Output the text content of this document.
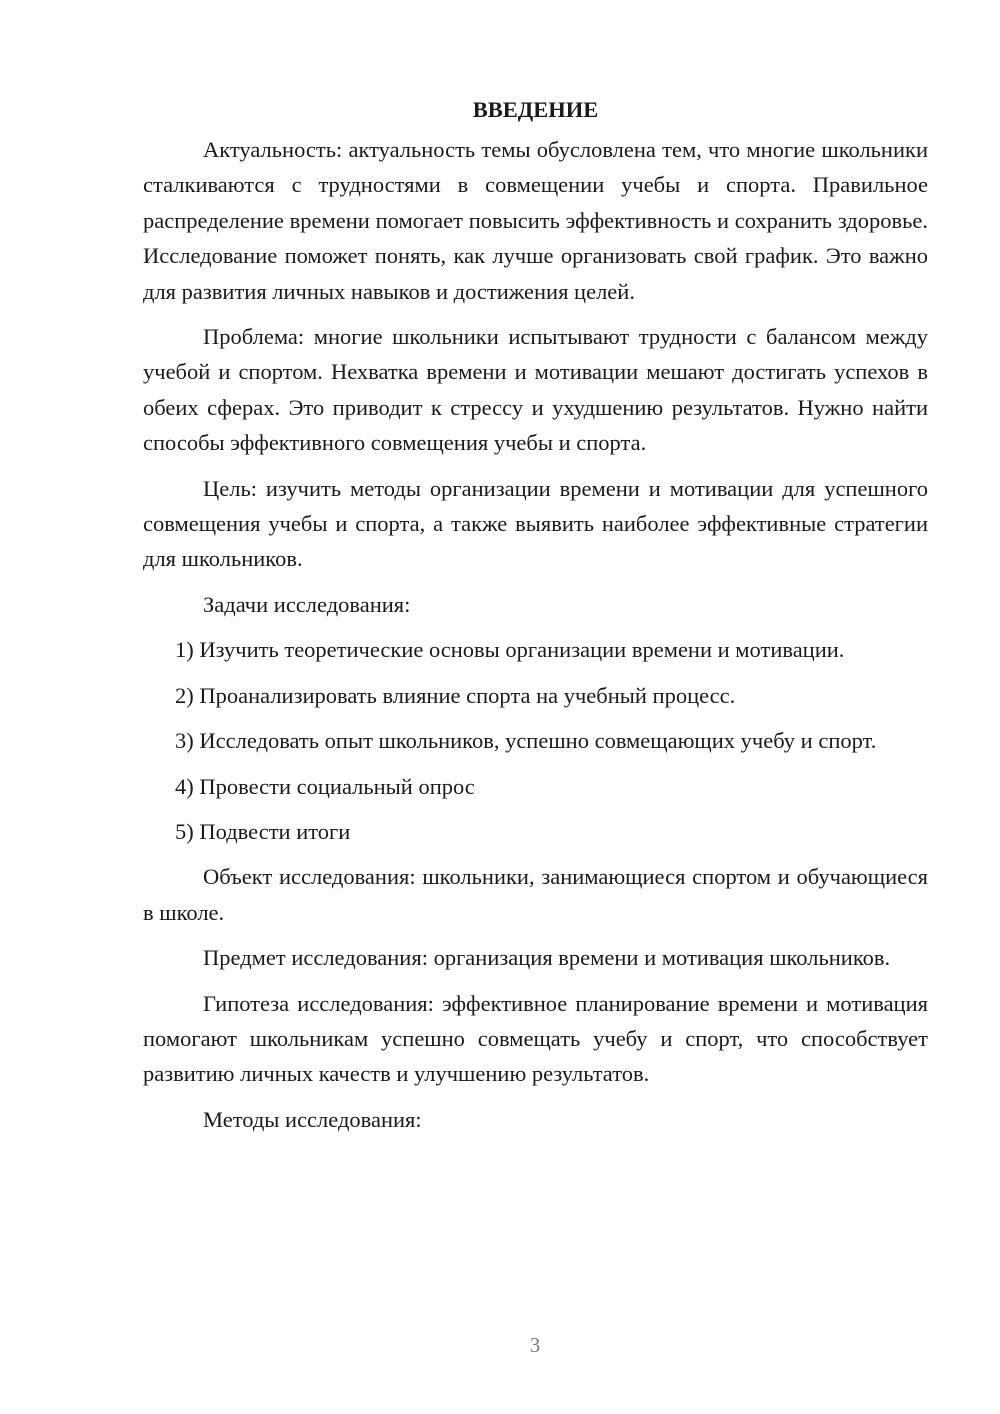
ВВЕДЕНИЕ

Актуальность: актуальность темы обусловлена тем, что многие школьники сталкиваются с трудностями в совмещении учебы и спорта. Правильное распределение времени помогает повысить эффективность и сохранить здоровье. Исследование поможет понять, как лучше организовать свой график. Это важно для развития личных навыков и достижения целей.

Проблема: многие школьники испытывают трудности с балансом между учебой и спортом. Нехватка времени и мотивации мешают достигать успехов в обеих сферах. Это приводит к стрессу и ухудшению результатов. Нужно найти способы эффективного совмещения учебы и спорта.

Цель: изучить методы организации времени и мотивации для успешного совмещения учебы и спорта, а также выявить наиболее эффективные стратегии для школьников.

Задачи исследования:

1) Изучить теоретические основы организации времени и мотивации.

2) Проанализировать влияние спорта на учебный процесс.

3) Исследовать опыт школьников, успешно совмещающих учебу и спорт.

4) Провести социальный опрос

5) Подвести итоги

Объект исследования: школьники, занимающиеся спортом и обучающиеся в школе.

Предмет исследования: организация времени и мотивация школьников.

Гипотеза исследования: эффективное планирование времени и мотивация помогают школьникам успешно совмещать учебу и спорт, что способствует развитию личных качеств и улучшению результатов.

Методы исследования:

3
